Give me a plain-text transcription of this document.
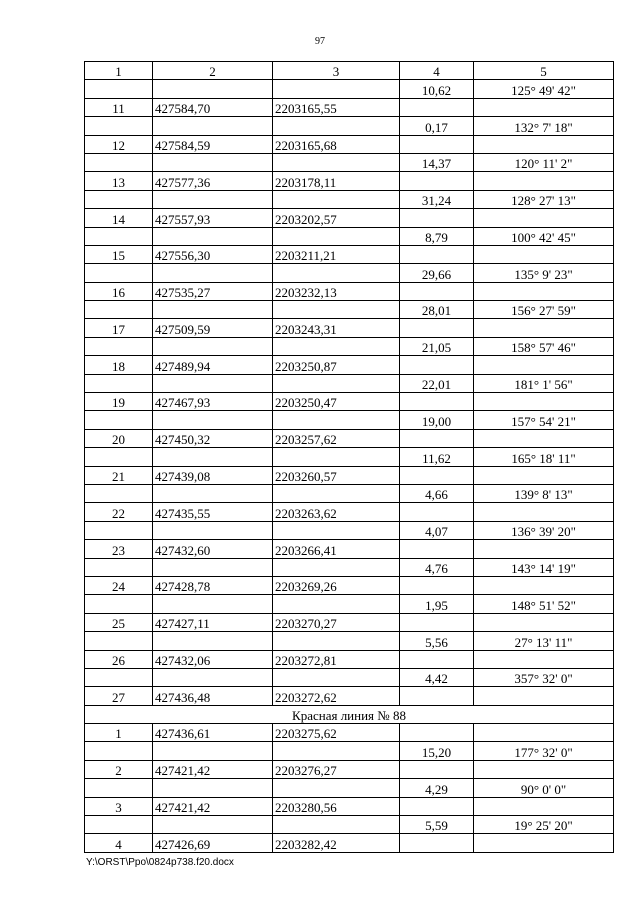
97
1	2	3	4	5
			10,62	125° 49' 42"
11	427584,70	2203165,55		
			0,17	132° 7' 18"
12	427584,59	2203165,68		
			14,37	120° 11' 2"
13	427577,36	2203178,11		
			31,24	128° 27' 13"
14	427557,93	2203202,57		
			8,79	100° 42' 45"
15	427556,30	2203211,21		
			29,66	135° 9' 23"
16	427535,27	2203232,13		
			28,01	156° 27' 59"
17	427509,59	2203243,31		
			21,05	158° 57' 46"
18	427489,94	2203250,87		
			22,01	181° 1' 56"
19	427467,93	2203250,47		
			19,00	157° 54' 21"
20	427450,32	2203257,62		
			11,62	165° 18' 11"
21	427439,08	2203260,57		
			4,66	139° 8' 13"
22	427435,55	2203263,62		
			4,07	136° 39' 20"
23	427432,60	2203266,41		
			4,76	143° 14' 19"
24	427428,78	2203269,26		
			1,95	148° 51' 52"
25	427427,11	2203270,27		
			5,56	27° 13' 11"
26	427432,06	2203272,81		
			4,42	357° 32' 0"
27	427436,48	2203272,62		
Красная линия № 88				
1	427436,61	2203275,62		
			15,20	177° 32' 0"
2	427421,42	2203276,27		
			4,29	90° 0' 0"
3	427421,42	2203280,56		
			5,59	19° 25' 20"
4	427426,69	2203282,42		
Y:\ORST\Ppo\0824p738.f20.docx
